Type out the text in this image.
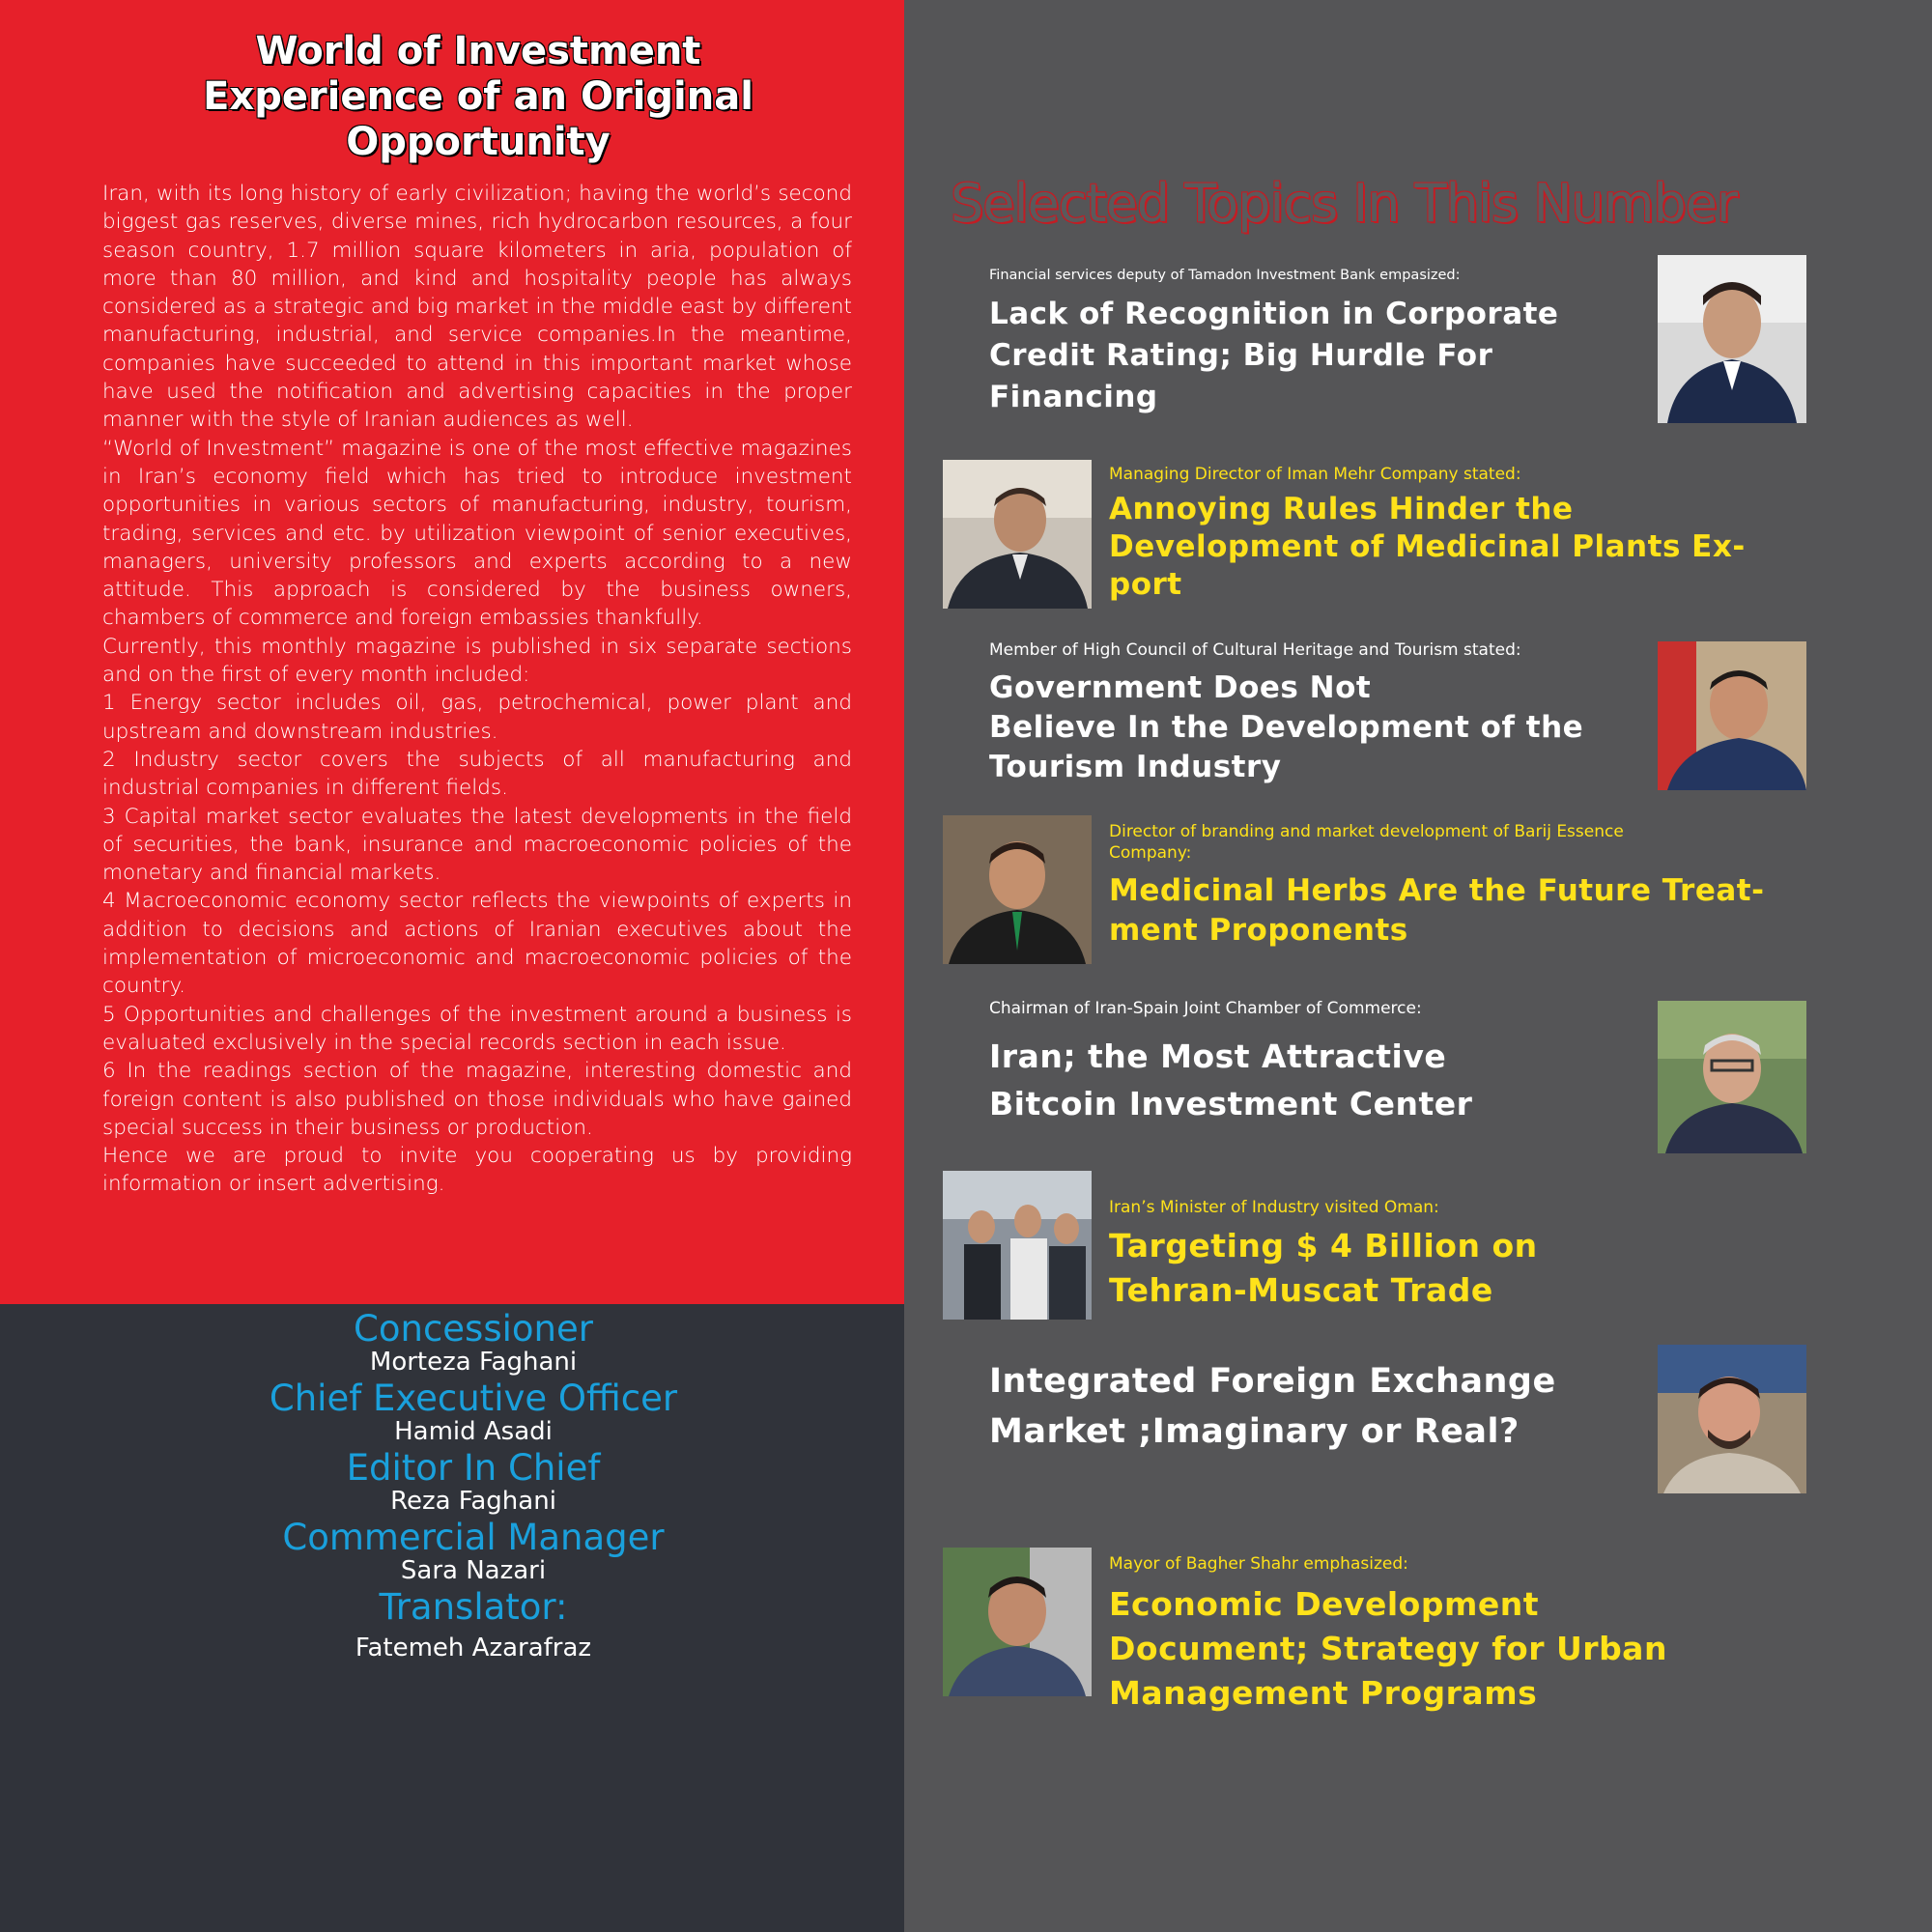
World of Investment
Experience of an Original
Opportunity

Iran, with its long history of early civilization; having the world’s second biggest gas reserves, diverse mines, rich hydrocarbon resources, a four season country, 1.7 million square kilometers in aria, population of more than 80 million, and kind and hospitality people has always considered as a strategic and big market in the middle east by different manufacturing, industrial, and service companies.In the meantime, companies have succeeded to attend in this important market whose have used the notification and advertising capacities in the proper manner with the style of Iranian audiences as well.

“World of Investment” magazine is one of the most effective magazines in Iran’s economy field which has tried to introduce investment opportunities in various sectors of manufacturing, industry, tourism, trading, services and etc. by utilization viewpoint of senior executives, managers, university professors and experts according to a new attitude. This approach is considered by the business owners, chambers of commerce and foreign embassies thankfully.

Currently, this monthly magazine is published in six separate sections and on the first of every month included:

1 Energy sector includes oil, gas, petrochemical, power plant and upstream and downstream industries.

2 Industry sector covers the subjects of all manufacturing and industrial companies in different fields.

3 Capital market sector evaluates the latest developments in the field of securities, the bank, insurance and macroeconomic policies of the monetary and financial markets.

4 Macroeconomic economy sector reflects the viewpoints of experts in addition to decisions and actions of Iranian executives about the implementation of microeconomic and macroeconomic policies of the country.

5 Opportunities and challenges of the investment around a business is evaluated exclusively in the special records section in each issue.

6 In the readings section of the magazine, interesting domestic and foreign content is also published on those individuals who have gained special success in their business or production.

Hence we are proud to invite you cooperating us by providing information or insert advertising.

Concessioner
Morteza Faghani
Chief Executive Officer
Hamid Asadi
Editor In Chief
Reza Faghani
Commercial Manager
Sara Nazari
Translator:
Fatemeh Azarafraz
Selected Topics In This Number
Financial services deputy of Tamadon Investment Bank empasized:
Lack of Recognition in Corporate
Credit Rating; Big Hurdle For
Financing
Managing Director of Iman Mehr Company stated:
Annoying Rules Hinder the
Development of Medicinal Plants Ex-
port
Member of High Council of Cultural Heritage and Tourism stated:
Government Does Not
Believe In the Development of the
Tourism Industry
Director of branding and market development of Barij Essence
Company:
Medicinal Herbs Are the Future Treat-
ment Proponents
Chairman of Iran-Spain Joint Chamber of Commerce:
Iran; the Most Attractive
Bitcoin Investment Center
Iran’s Minister of Industry visited Oman:
Targeting $ 4 Billion on
Tehran-Muscat Trade
Integrated Foreign Exchange
Market ;Imaginary or Real?
Mayor of Bagher Shahr emphasized:
Economic Development
Document; Strategy for Urban
Management Programs
